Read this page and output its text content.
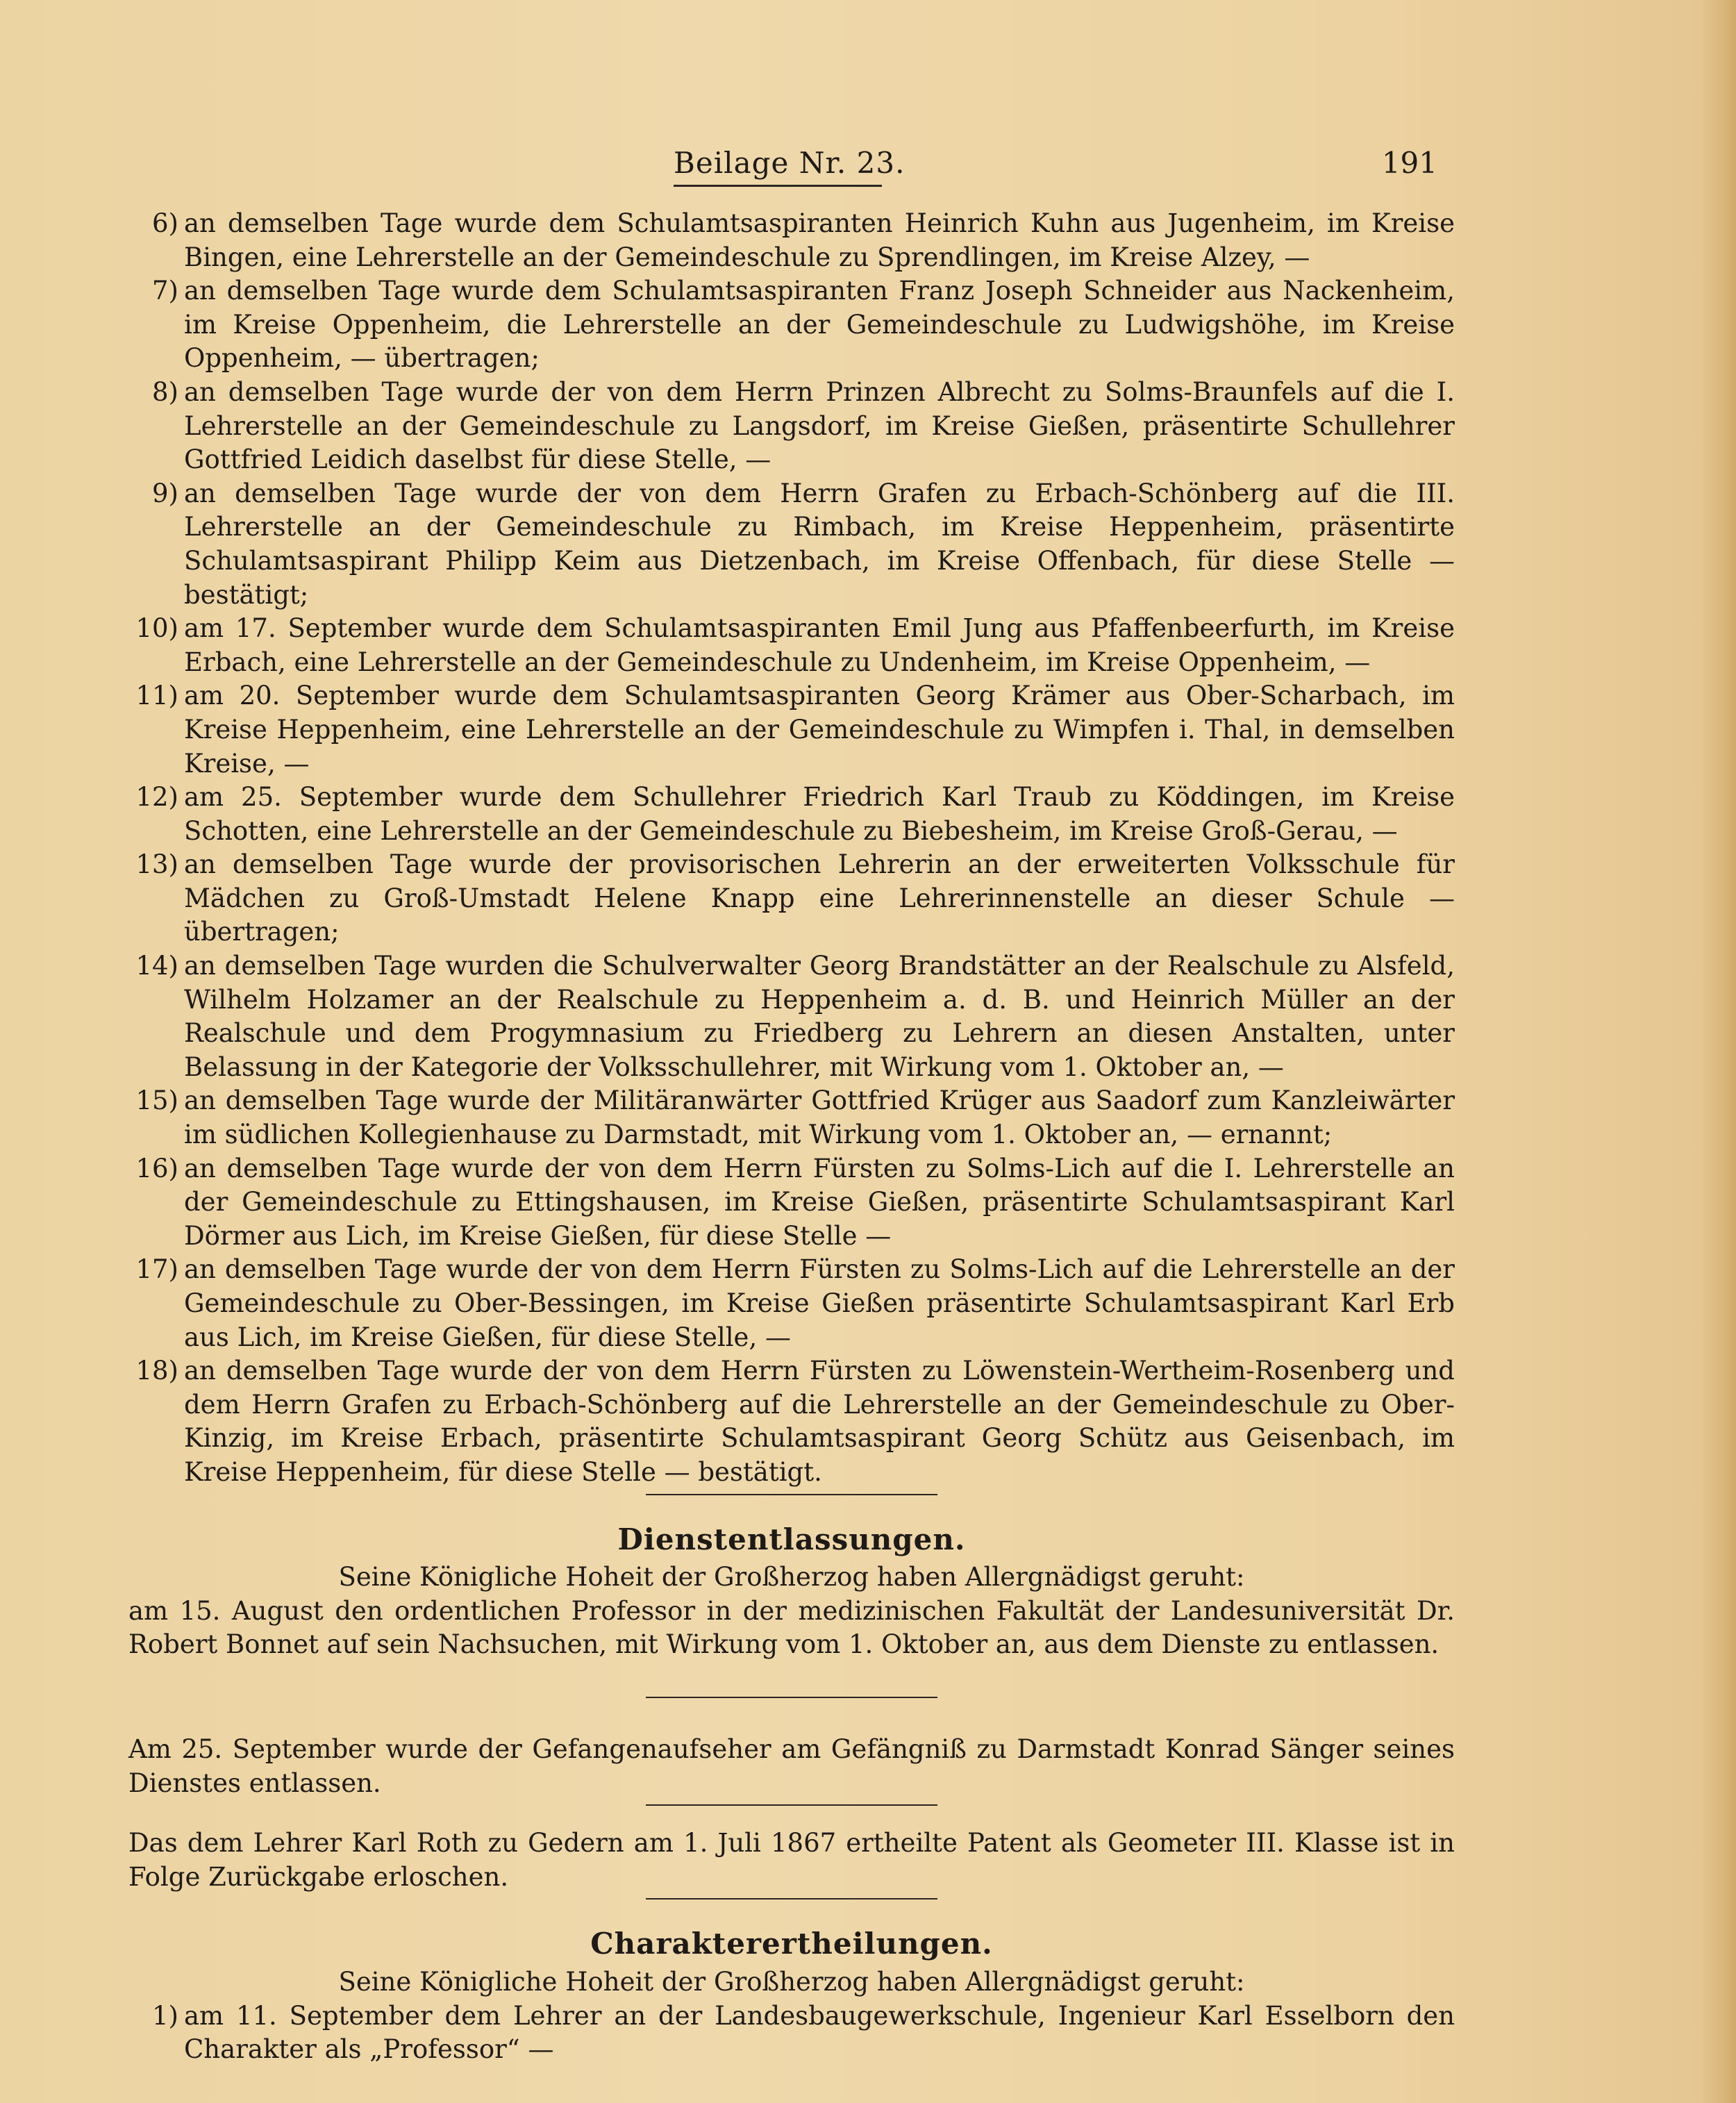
Beilage Nr. 23.	191
6) an demselben Tage wurde dem Schulamtsaspiranten Heinrich Kuhn aus Jugenheim, im Kreise Bingen, eine Lehrerstelle an der Gemeindeschule zu Sprendlingen, im Kreise Alzey, —
7) an demselben Tage wurde dem Schulamtsaspiranten Franz Joseph Schneider aus Nackenheim, im Kreise Oppenheim, die Lehrerstelle an der Gemeindeschule zu Ludwigshöhe, im Kreise Oppenheim, — übertragen;
8) an demselben Tage wurde der von dem Herrn Prinzen Albrecht zu Solms-Braunfels auf die I. Lehrerstelle an der Gemeindeschule zu Langsdorf, im Kreise Gießen, präsentirte Schullehrer Gottfried Leidich daselbst für diese Stelle, —
9) an demselben Tage wurde der von dem Herrn Grafen zu Erbach-Schönberg auf die III. Lehrerstelle an der Gemeindeschule zu Rimbach, im Kreise Heppenheim, präsentirte Schulamtsaspirant Philipp Keim aus Dietzenbach, im Kreise Offenbach, für diese Stelle — bestätigt;
10) am 17. September wurde dem Schulamtsaspiranten Emil Jung aus Pfaffenbeerfurth, im Kreise Erbach, eine Lehrerstelle an der Gemeindeschule zu Undenheim, im Kreise Oppenheim, —
11) am 20. September wurde dem Schulamtsaspiranten Georg Krämer aus Ober-Scharbach, im Kreise Heppenheim, eine Lehrerstelle an der Gemeindeschule zu Wimpfen i. Thal, in demselben Kreise, —
12) am 25. September wurde dem Schullehrer Friedrich Karl Traub zu Köddingen, im Kreise Schotten, eine Lehrerstelle an der Gemeindeschule zu Biebesheim, im Kreise Groß-Gerau, —
13) an demselben Tage wurde der provisorischen Lehrerin an der erweiterten Volksschule für Mädchen zu Groß-Umstadt Helene Knapp eine Lehrerinnenstelle an dieser Schule — übertragen;
14) an demselben Tage wurden die Schulverwalter Georg Brandstätter an der Realschule zu Alsfeld, Wilhelm Holzamer an der Realschule zu Heppenheim a. d. B. und Heinrich Müller an der Realschule und dem Progymnasium zu Friedberg zu Lehrern an diesen Anstalten, unter Belassung in der Kategorie der Volksschullehrer, mit Wirkung vom 1. Oktober an, —
15) an demselben Tage wurde der Militäranwärter Gottfried Krüger aus Saadorf zum Kanzleiwärter im südlichen Kollegienhause zu Darmstadt, mit Wirkung vom 1. Oktober an, — ernannt;
16) an demselben Tage wurde der von dem Herrn Fürsten zu Solms-Lich auf die I. Lehrerstelle an der Gemeindeschule zu Ettingshausen, im Kreise Gießen, präsentirte Schulamtsaspirant Karl Dörmer aus Lich, im Kreise Gießen, für diese Stelle —
17) an demselben Tage wurde der von dem Herrn Fürsten zu Solms-Lich auf die Lehrerstelle an der Gemeindeschule zu Ober-Bessingen, im Kreise Gießen präsentirte Schulamtsaspirant Karl Erb aus Lich, im Kreise Gießen, für diese Stelle, —
18) an demselben Tage wurde der von dem Herrn Fürsten zu Löwenstein-Wertheim-Rosenberg und dem Herrn Grafen zu Erbach-Schönberg auf die Lehrerstelle an der Gemeindeschule zu Ober-Kinzig, im Kreise Erbach, präsentirte Schulamtsaspirant Georg Schütz aus Geisenbach, im Kreise Heppenheim, für diese Stelle — bestätigt.
Dienstentlassungen.
Seine Königliche Hoheit der Großherzog haben Allergnädigst geruht:
am 15. August den ordentlichen Professor in der medizinischen Fakultät der Landesuniversität Dr. Robert Bonnet auf sein Nachsuchen, mit Wirkung vom 1. Oktober an, aus dem Dienste zu entlassen.
Am 25. September wurde der Gefangenaufseher am Gefängniß zu Darmstadt Konrad Sänger seines Dienstes entlassen.
Das dem Lehrer Karl Roth zu Gedern am 1. Juli 1867 ertheilte Patent als Geometer III. Klasse ist in Folge Zurückgabe erloschen.
Charakterertheilungen.
Seine Königliche Hoheit der Großherzog haben Allergnädigst geruht:
1) am 11. September dem Lehrer an der Landesbaugewerkschule, Ingenieur Karl Esselborn den Charakter als „Professor“ —
